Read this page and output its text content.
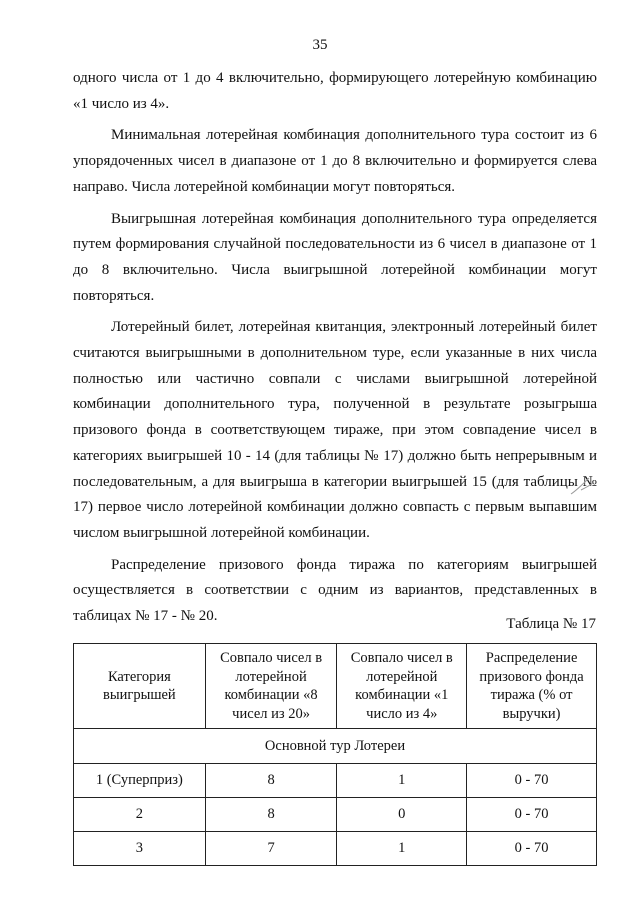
35

одного числа от 1 до 4 включительно, формирующего лотерейную комбинацию «1 число из 4».

Минимальная лотерейная комбинация дополнительного тура состоит из 6 упорядоченных чисел в диапазоне от 1 до 8 включительно и формируется слева направо. Числа лотерейной комбинации могут повторяться.

Выигрышная лотерейная комбинация дополнительного тура определяется путем формирования случайной последовательности из 6 чисел в диапазоне от 1 до 8 включительно. Числа выигрышной лотерейной комбинации могут повторяться.

Лотерейный билет, лотерейная квитанция, электронный лотерейный билет считаются выигрышными в дополнительном туре, если указанные в них числа полностью или частично совпали с числами выигрышной лотерейной комбинации дополнительного тура, полученной в результате розыгрыша призового фонда в соответствующем тираже, при этом совпадение чисел в категориях выигрышей 10 - 14 (для таблицы № 17) должно быть непрерывным и последовательным, а для выигрыша в категории выигрышей 15 (для таблицы № 17) первое число лотерейной комбинации должно совпасть с первым выпавшим числом выигрышной лотерейной комбинации.

Распределение призового фонда тиража по категориям выигрышей осуществляется в соответствии с одним из вариантов, представленных в таблицах № 17 - № 20.	Таблица № 17
Категория выигрышей	Совпало чисел в лотерейной комбинации «8 чисел из 20»	Совпало чисел в лотерейной комбинации «1 число из 4»	Распределение призового фонда тиража (% от выручки)
Основной тур Лотереи			
1 (Суперприз)	8	1	0 - 70
2	8	0	0 - 70
3	7	1	0 - 70
